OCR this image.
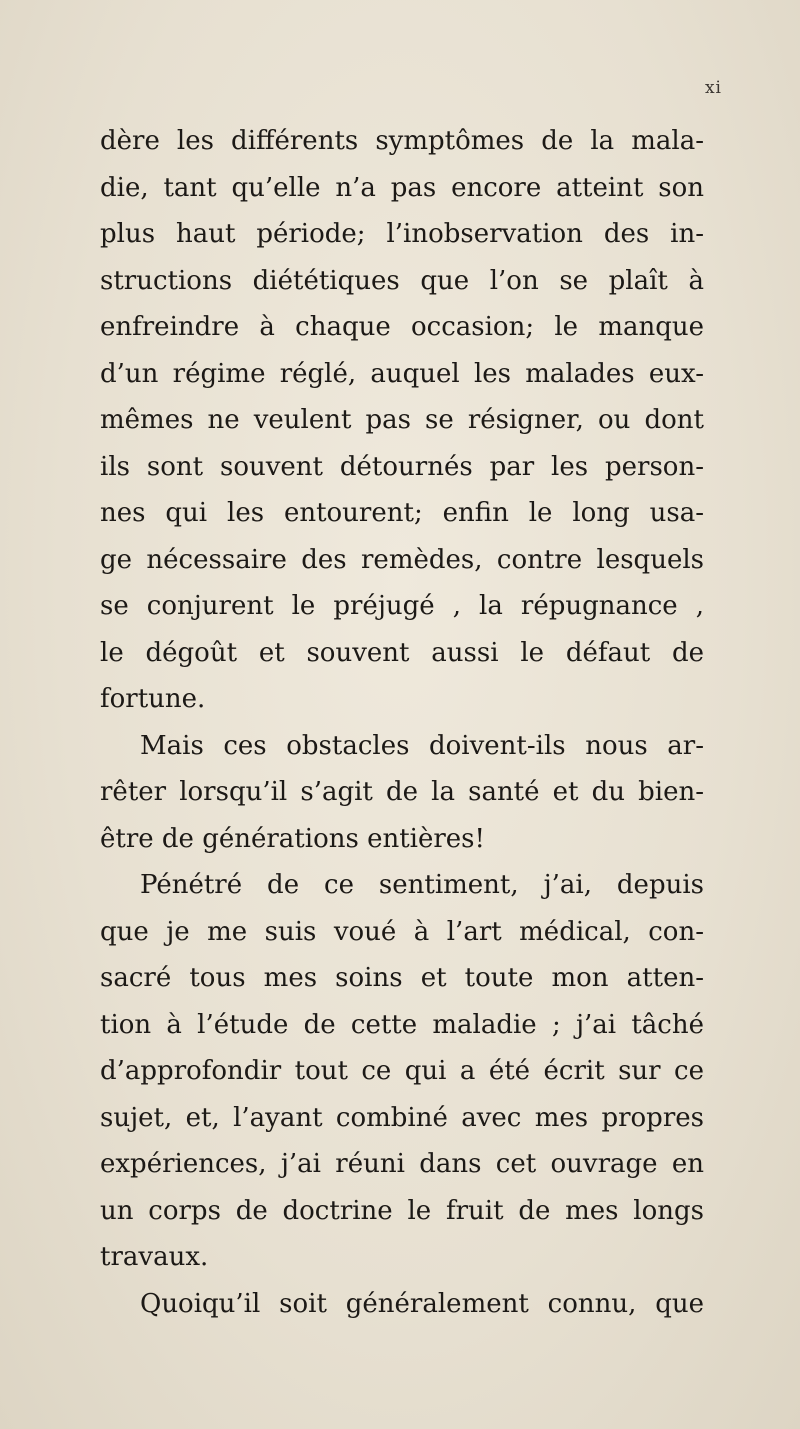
xi
dère les différents symptômes de la mala-
die, tant qu’elle n’a pas encore atteint son
plus haut période; l’inobservation des in-
structions diététiques que l’on se plaît à
enfreindre à chaque occasion; le manque
d’un régime réglé, auquel les malades eux-
mêmes ne veulent pas se résigner, ou dont
ils sont souvent détournés par les person-
nes qui les entourent; enfin le long usa-
ge nécessaire des remèdes, contre lesquels
se conjurent le préjugé , la répugnance ,
le dégoût et souvent aussi le défaut de
fortune.
Mais ces obstacles doivent-ils nous ar-
rêter lorsqu’il s’agit de la santé et du bien-
être de générations entières!
Pénétré de ce sentiment, j’ai, depuis
que je me suis voué à l’art médical, con-
sacré tous mes soins et toute mon atten-
tion à l’étude de cette maladie ; j’ai tâché
d’approfondir tout ce qui a été écrit sur ce
sujet, et, l’ayant combiné avec mes propres
expériences, j’ai réuni dans cet ouvrage en
un corps de doctrine le fruit de mes longs
travaux.
Quoiqu’il soit généralement connu, que
